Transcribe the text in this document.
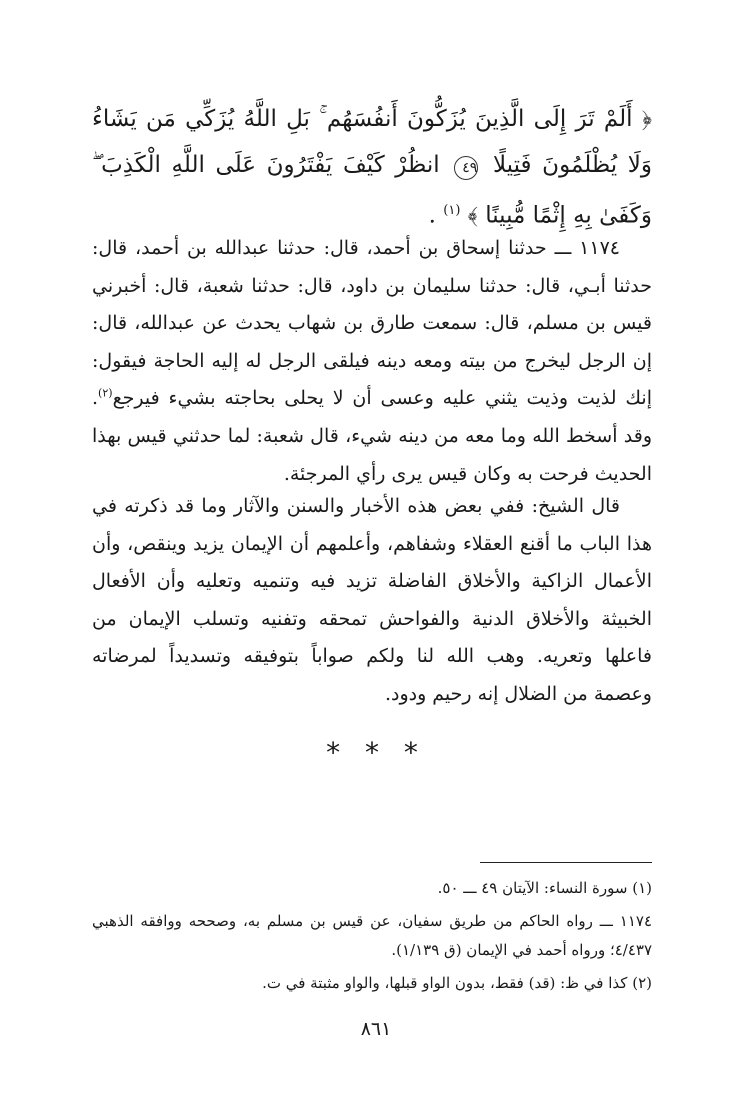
﴿ أَلَمْ تَرَ إِلَى الَّذِينَ يُزَكُّونَ أَنفُسَهُم ۚ بَلِ اللَّهُ يُزَكِّي مَن يَشَاءُ وَلَا يُظْلَمُونَ فَتِيلًا ٤٩ انظُرْ كَيْفَ يَفْتَرُونَ عَلَى اللَّهِ الْكَذِبَ ۖ وَكَفَىٰ بِهِ إِثْمًا مُّبِينًا ﴾ $^{(١)}$ .
١١٧٤ ـــ حدثنا إسحاق بن أحمد، قال: حدثنا عبدالله بن أحمد، قال: حدثنا أبـي، قال: حدثنا سليمان بن داود، قال: حدثنا شعبة، قال: أخبرني قيس بن مسلم، قال: سمعت طارق بن شهاب يحدث عن عبدالله، قال: إن الرجل ليخرج من بيته ومعه دينه فيلقى الرجل له إليه الحاجة فيقول: إنك لذيت وذيت يثني عليه وعسى أن لا يحلى بحاجته بشيء فيرجع$^{(٢)}$. وقد أسخط الله وما معه من دينه شيء، قال شعبة: لما حدثني قيس بهذا الحديث فرحت به وكان قيس يرى رأي المرجئة.
قال الشيخ: ففي بعض هذه الأخبار والسنن والآثار وما قد ذكرته في هذا الباب ما أقنع العقلاء وشفاهم، وأعلمهم أن الإيمان يزيد وينقص، وأن الأعمال الزاكية والأخلاق الفاضلة تزيد فيه وتنميه وتعليه وأن الأفعال الخبيثة والأخلاق الدنية والفواحش تمحقه وتفنيه وتسلب الإيمان من فاعلها وتعريه. وهب الله لنا ولكم صواباً بتوفيقه وتسديداً لمرضاته وعصمة من الضلال إنه رحيم ودود.
* * *
(١) سورة النساء: الآيتان ٤٩ ـــ ٥٠.
١١٧٤ ـــ رواه الحاكم من طريق سفيان، عن قيس بن مسلم به، وصححه ووافقه الذهبي ٤/٤٣٧؛ ورواه أحمد في الإيمان (ق ١/١٣٩).
(٢) كذا في ظ: (قد) فقط، بدون الواو قبلها، والواو مثبتة في ت.
٨٦١
